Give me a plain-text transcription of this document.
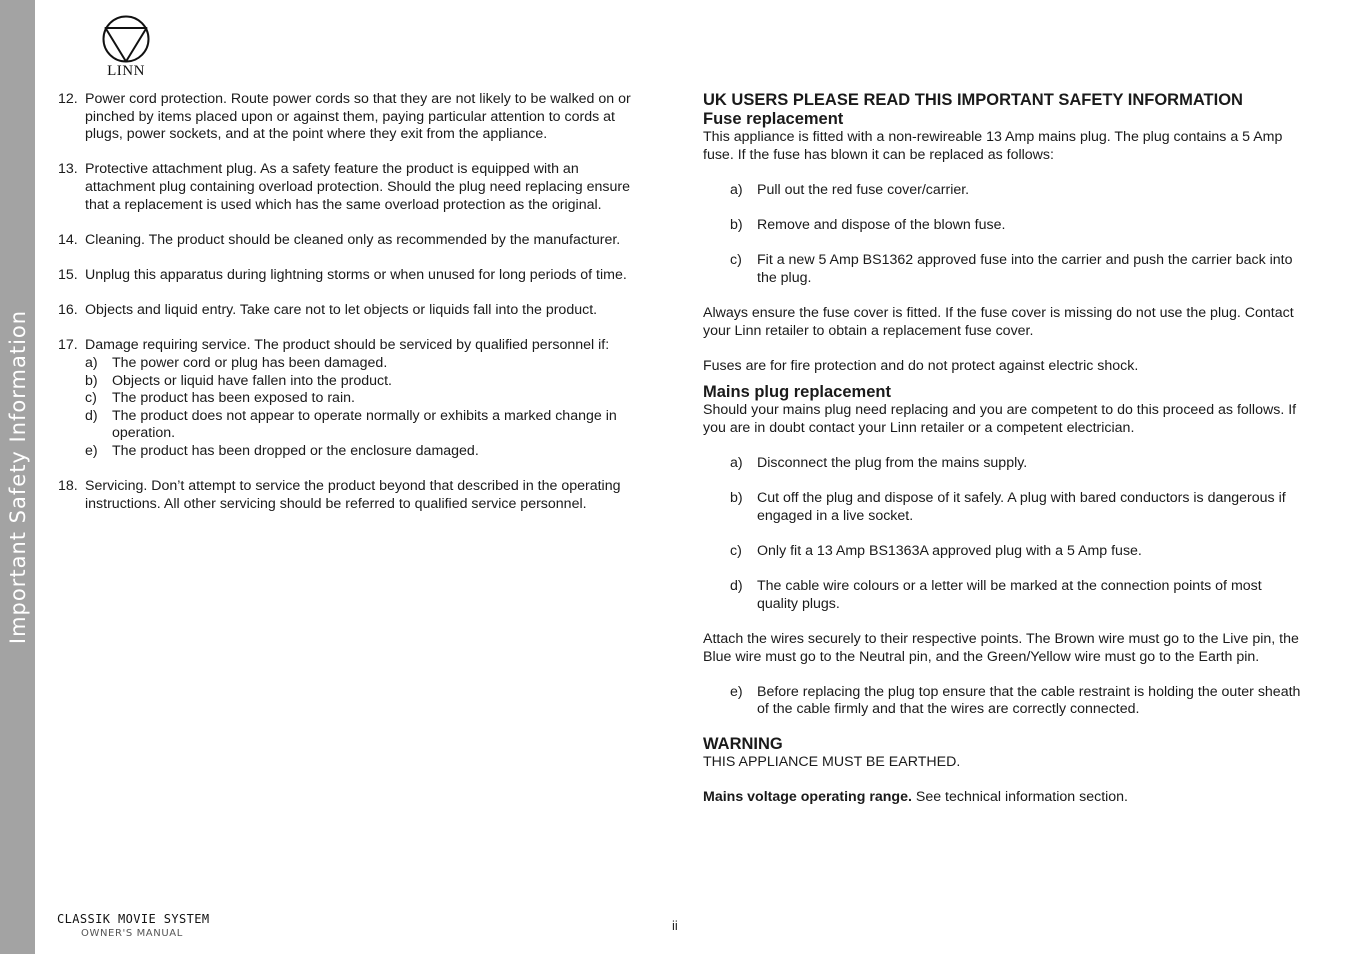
Important Safety Information
LINN
12. Power cord protection. Route power cords so that they are not likely to be walked on or pinched by items placed upon or against them, paying particular attention to cords at plugs, power sockets, and at the point where they exit from the appliance.
13. Protective attachment plug. As a safety feature the product is equipped with an attachment plug containing overload protection. Should the plug need replacing ensure that a replacement is used which has the same overload protection as the original.
14. Cleaning. The product should be cleaned only as recommended by the manufacturer.
15. Unplug this apparatus during lightning storms or when unused for long periods of time.
16. Objects and liquid entry. Take care not to let objects or liquids fall into the product.
17. Damage requiring service. The product should be serviced by qualified personnel if:
a)	The power cord or plug has been damaged.
b)	Objects or liquid have fallen into the product.
c)	The product has been exposed to rain.
d)	The product does not appear to operate normally or exhibits a marked change in operation.
e)	The product has been dropped or the enclosure damaged.
18. Servicing. Don’t attempt to service the product beyond that described in the operating instructions. All other servicing should be referred to qualified service personnel.
UK USERS PLEASE READ THIS IMPORTANT SAFETY INFORMATION
Fuse replacement
This appliance is fitted with a non-rewireable 13 Amp mains plug. The plug contains a 5 Amp fuse. If the fuse has blown it can be replaced as follows:
a)	Pull out the red fuse cover/carrier.
b)	Remove and dispose of the blown fuse.
c)	Fit a new 5 Amp BS1362 approved fuse into the carrier and push the carrier back into the plug.
Always ensure the fuse cover is fitted. If the fuse cover is missing do not use the plug. Contact your Linn retailer to obtain a replacement fuse cover.
Fuses are for fire protection and do not protect against electric shock.
Mains plug replacement
Should your mains plug need replacing and you are competent to do this proceed as follows. If you are in doubt contact your Linn retailer or a competent electrician.
a)	Disconnect the plug from the mains supply.
b)	Cut off the plug and dispose of it safely. A plug with bared conductors is dangerous if engaged in a live socket.
c)	Only fit a 13 Amp BS1363A approved plug with a 5 Amp fuse.
d)	The cable wire colours or a letter will be marked at the connection points of most quality plugs.
Attach the wires securely to their respective points. The Brown wire must go to the Live pin, the Blue wire must go to the Neutral pin, and the Green/Yellow wire must go to the Earth pin.
e)	Before replacing the plug top ensure that the cable restraint is holding the outer sheath of the cable firmly and that the wires are correctly connected.
WARNING
THIS APPLIANCE MUST BE EARTHED.
Mains voltage operating range. See technical information section.
CLASSIK MOVIE SYSTEM
OWNER'S MANUAL
ii
